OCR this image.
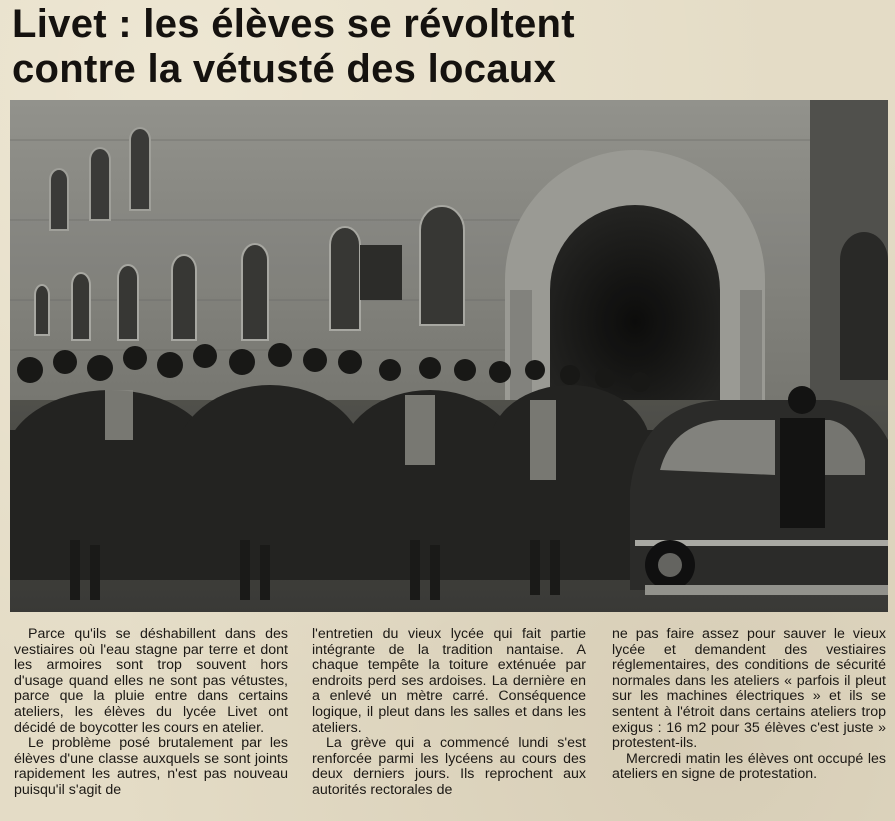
Livet : les élèves se révoltent
contre la vétusté des locaux

Parce qu'ils se déshabillent dans des vestiaires où l'eau stagne par terre et dont les armoires sont trop souvent hors d'usage quand elles ne sont pas vétustes, parce que la pluie entre dans certains ateliers, les élèves du lycée Livet ont décidé de boycotter les cours en atelier.

Le problème posé brutalement par les élèves d'une classe auxquels se sont joints rapidement les autres, n'est pas nouveau puisqu'il s'agit de

l'entretien du vieux lycée qui fait partie intégrante de la tradition nantaise. A chaque tempête la toiture exténuée par endroits perd ses ardoises. La dernière en a enlevé un mètre carré. Conséquence logique, il pleut dans les salles et dans les ateliers.

La grève qui a commencé lundi s'est renforcée parmi les lycéens au cours des deux derniers jours. Ils reprochent aux autorités rectorales de

ne pas faire assez pour sauver le vieux lycée et demandent des vestiaires réglementaires, des conditions de sécurité normales dans les ateliers « parfois il pleut sur les machines électriques » et ils se sentent à l'étroit dans certains ateliers trop exigus : 16 m2 pour 35 élèves c'est juste » protestent-ils.

Mercredi matin les élèves ont occupé les ateliers en signe de protestation.
